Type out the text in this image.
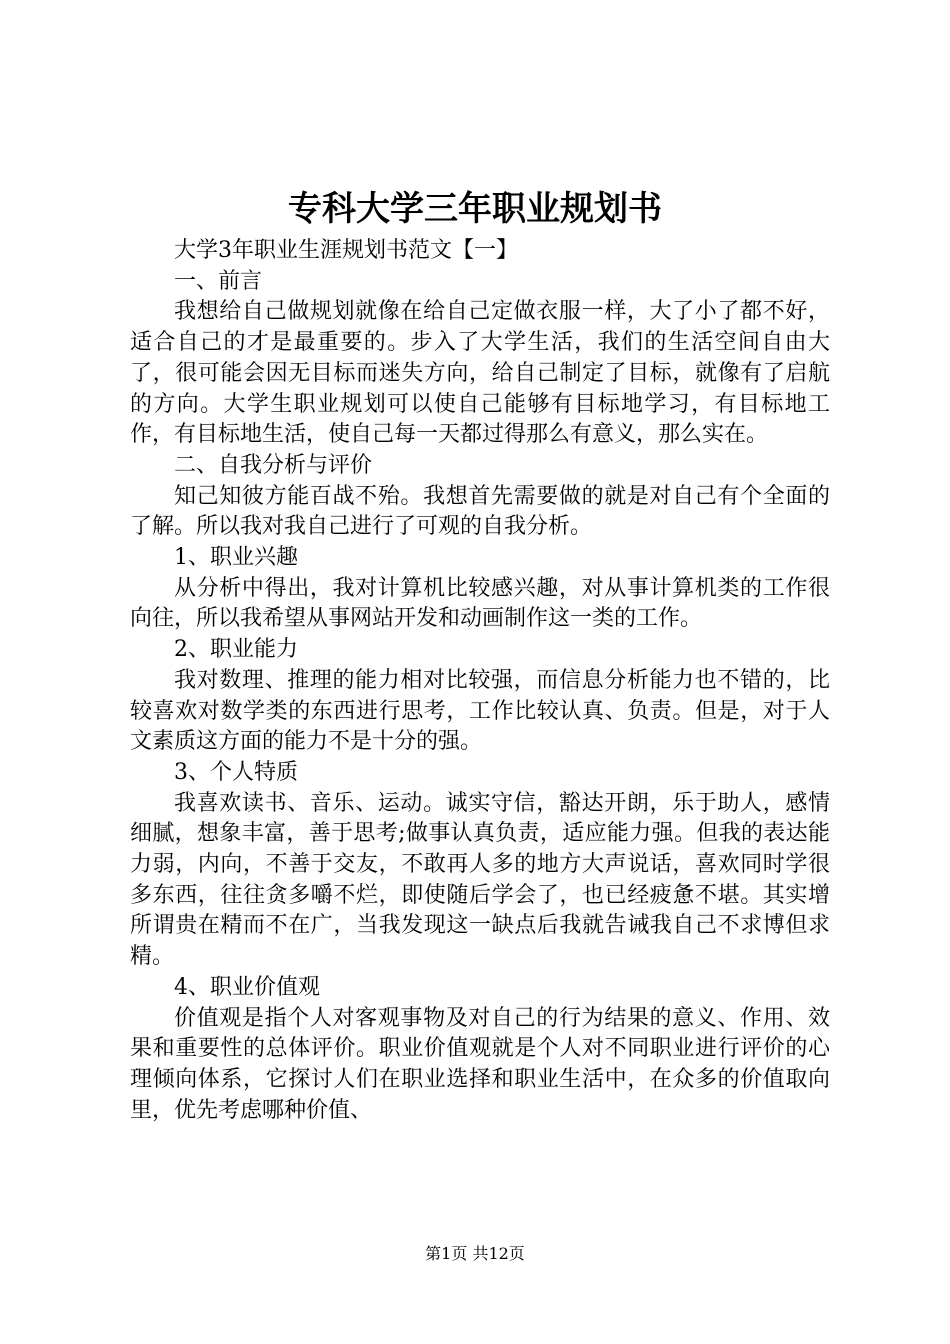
专科大学三年职业规划书

大学3年职业生涯规划书范文【一】

一、前言

我想给自己做规划就像在给自己定做衣服一样，大了小了都不好，适合自己的才是最重要的。步入了大学生活，我们的生活空间自由大了，很可能会因无目标而迷失方向，给自己制定了目标，就像有了启航的方向。大学生职业规划可以使自己能够有目标地学习，有目标地工作，有目标地生活，使自己每一天都过得那么有意义，那么实在。

二、自我分析与评价

知己知彼方能百战不殆。我想首先需要做的就是对自己有个全面的了解。所以我对我自己进行了可观的自我分析。

1、职业兴趣

从分析中得出，我对计算机比较感兴趣，对从事计算机类的工作很向往，所以我希望从事网站开发和动画制作这一类的工作。

2、职业能力

我对数理、推理的能力相对比较强，而信息分析能力也不错的，比较喜欢对数学类的东西进行思考，工作比较认真、负责。但是，对于人文素质这方面的能力不是十分的强。

3、个人特质

我喜欢读书、音乐、运动。诚实守信，豁达开朗，乐于助人，感情细腻，想象丰富，善于思考;做事认真负责，适应能力强。但我的表达能力弱，内向，不善于交友，不敢再人多的地方大声说话，喜欢同时学很多东西，往往贪多嚼不烂，即使随后学会了，也已经疲惫不堪。其实增所谓贵在精而不在广，当我发现这一缺点后我就告诫我自己不求博但求精。

4、职业价值观

价值观是指个人对客观事物及对自己的行为结果的意义、作用、效果和重要性的总体评价。职业价值观就是个人对不同职业进行评价的心理倾向体系，它探讨人们在职业选择和职业生活中，在众多的价值取向里，优先考虑哪种价值、

第1页 共12页
